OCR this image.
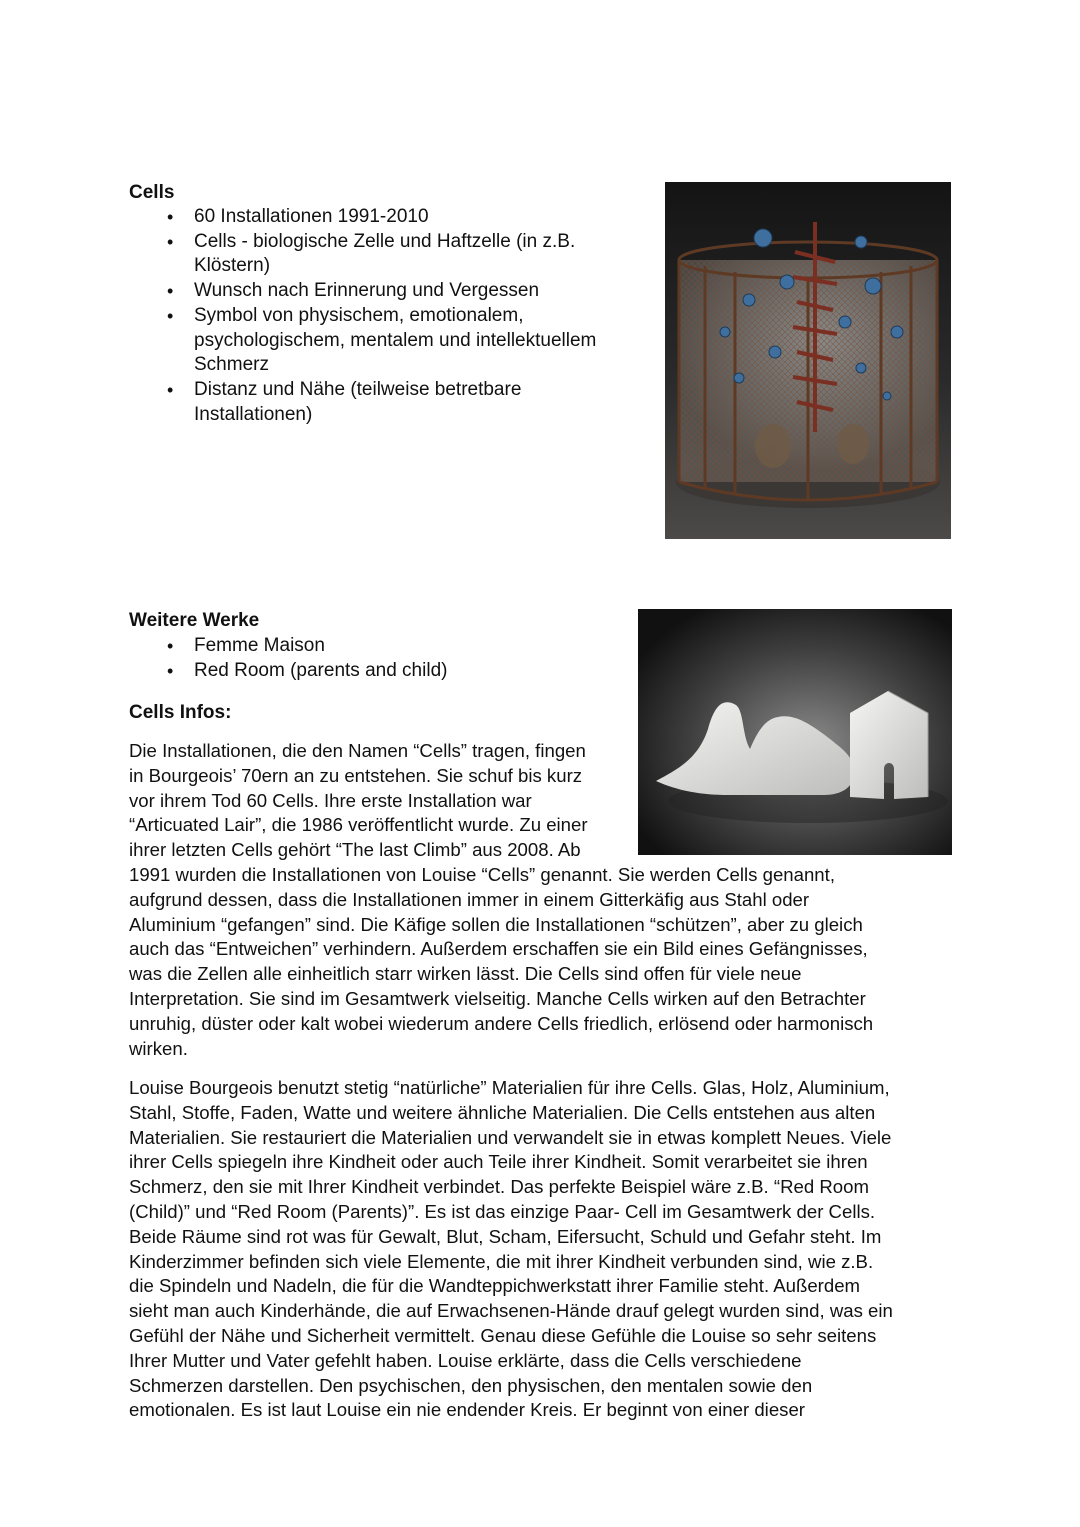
Cells
• 60 Installationen 1991-2010
• Cells - biologische Zelle und Haftzelle (in z.B. Klöstern)
• Wunsch nach Erinnerung und Vergessen
• Symbol von physischem, emotionalem, psychologischem, mentalem und intellektuellem Schmerz
• Distanz und Nähe (teilweise betretbare Installationen)
Weitere Werke
• Femme Maison
• Red Room (parents and child)
Cells Infos:
Die Installationen, die den Namen “Cells” tragen, fingen
in Bourgeois’ 70ern an zu entstehen. Sie schuf bis kurz
vor ihrem Tod 60 Cells. Ihre erste Installation war
“Articuated Lair”, die 1986 veröffentlicht wurde. Zu einer
ihrer letzten Cells gehört “The last Climb” aus 2008. Ab
1991 wurden die Installationen von Louise “Cells” genannt. Sie werden Cells genannt,
aufgrund dessen, dass die Installationen immer in einem Gitterkäfig aus Stahl oder
Aluminium “gefangen” sind. Die Käfige sollen die Installationen “schützen”, aber zu gleich
auch das “Entweichen” verhindern. Außerdem erschaffen sie ein Bild eines Gefängnisses,
was die Zellen alle einheitlich starr wirken lässt. Die Cells sind offen für viele neue
Interpretation. Sie sind im Gesamtwerk vielseitig. Manche Cells wirken auf den Betrachter
unruhig, düster oder kalt wobei wiederum andere Cells friedlich, erlösend oder harmonisch
wirken.
Louise Bourgeois benutzt stetig “natürliche” Materialien für ihre Cells. Glas, Holz, Aluminium,
Stahl, Stoffe, Faden, Watte und weitere ähnliche Materialien. Die Cells entstehen aus alten
Materialien. Sie restauriert die Materialien und verwandelt sie in etwas komplett Neues. Viele
ihrer Cells spiegeln ihre Kindheit oder auch Teile ihrer Kindheit. Somit verarbeitet sie ihren
Schmerz, den sie mit Ihrer Kindheit verbindet. Das perfekte Beispiel wäre z.B. “Red Room
(Child)” und “Red Room (Parents)”. Es ist das einzige Paar- Cell im Gesamtwerk der Cells.
Beide Räume sind rot was für Gewalt, Blut, Scham, Eifersucht, Schuld und Gefahr steht. Im
Kinderzimmer befinden sich viele Elemente, die mit ihrer Kindheit verbunden sind, wie z.B.
die Spindeln und Nadeln, die für die Wandteppichwerkstatt ihrer Familie steht. Außerdem
sieht man auch Kinderhände, die auf Erwachsenen-Hände drauf gelegt wurden sind, was ein
Gefühl der Nähe und Sicherheit vermittelt. Genau diese Gefühle die Louise so sehr seitens
Ihrer Mutter und Vater gefehlt haben. Louise erklärte, dass die Cells verschiedene
Schmerzen darstellen. Den psychischen, den physischen, den mentalen sowie den
emotionalen. Es ist laut Louise ein nie endender Kreis. Er beginnt von einer dieser
